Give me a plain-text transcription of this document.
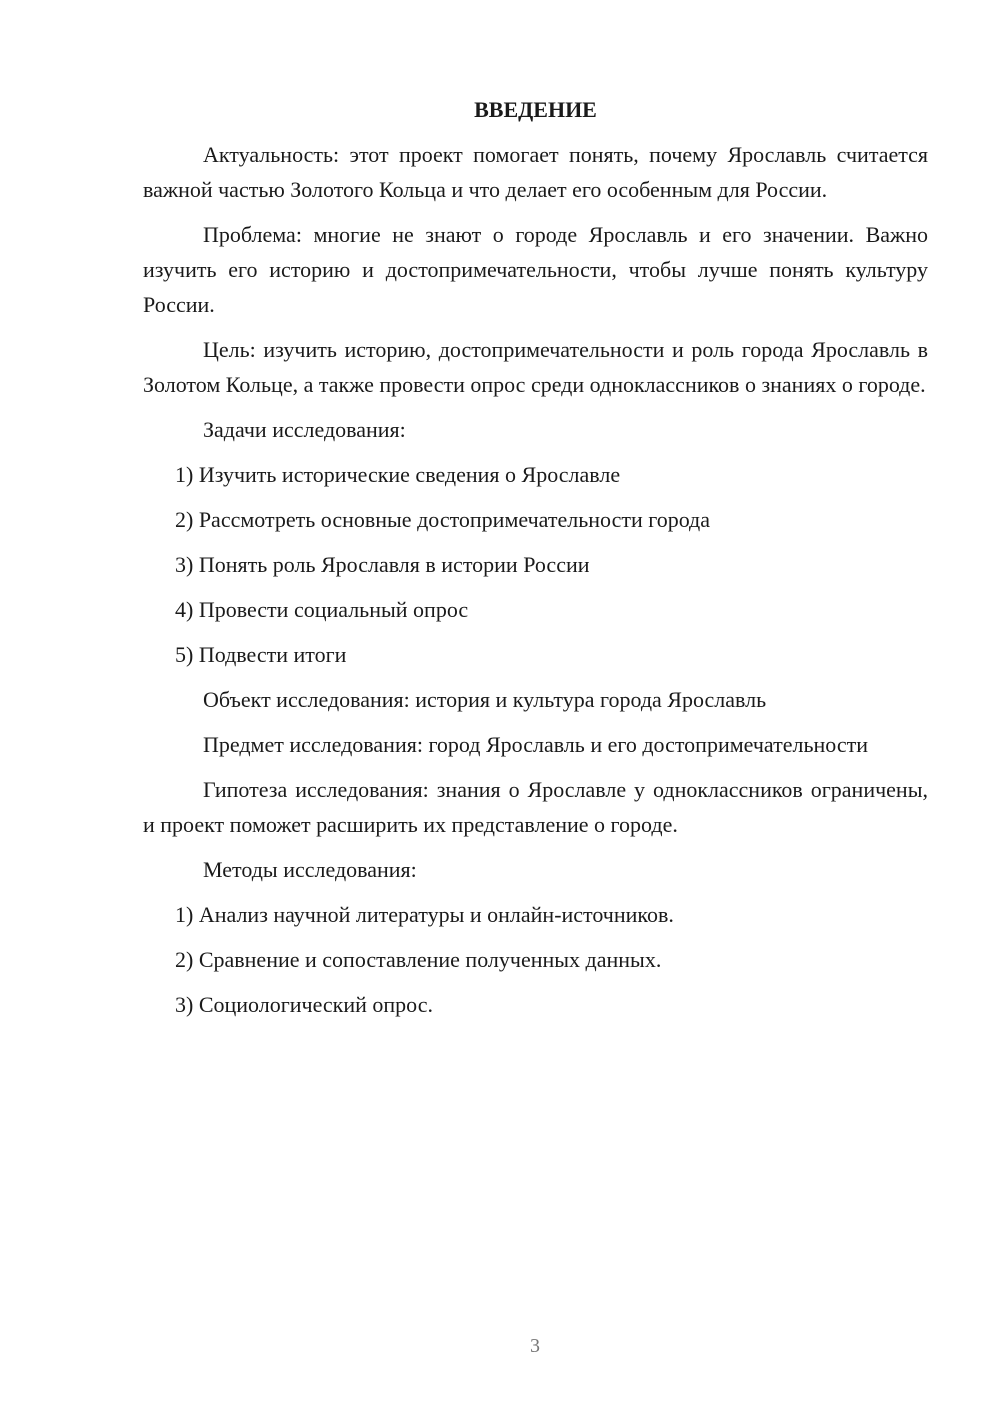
ВВЕДЕНИЕ

Актуальность: этот проект помогает понять, почему Ярославль считается важной частью Золотого Кольца и что делает его особенным для России.

Проблема: многие не знают о городе Ярославль и его значении. Важно изучить его историю и достопримечательности, чтобы лучше понять культуру России.

Цель: изучить историю, достопримечательности и роль города Ярославль в Золотом Кольце, а также провести опрос среди одноклассников о знаниях о городе.

Задачи исследования:

1) Изучить исторические сведения о Ярославле
2) Рассмотреть основные достопримечательности города
3) Понять роль Ярославля в истории России
4) Провести социальный опрос
5) Подвести итоги

Объект исследования: история и культура города Ярославль

Предмет исследования: город Ярославль и его достопримечательности

Гипотеза исследования: знания о Ярославле у одноклассников ограничены, и проект поможет расширить их представление о городе.

Методы исследования:

1) Анализ научной литературы и онлайн-источников.
2) Сравнение и сопоставление полученных данных.
3) Социологический опрос.
3
